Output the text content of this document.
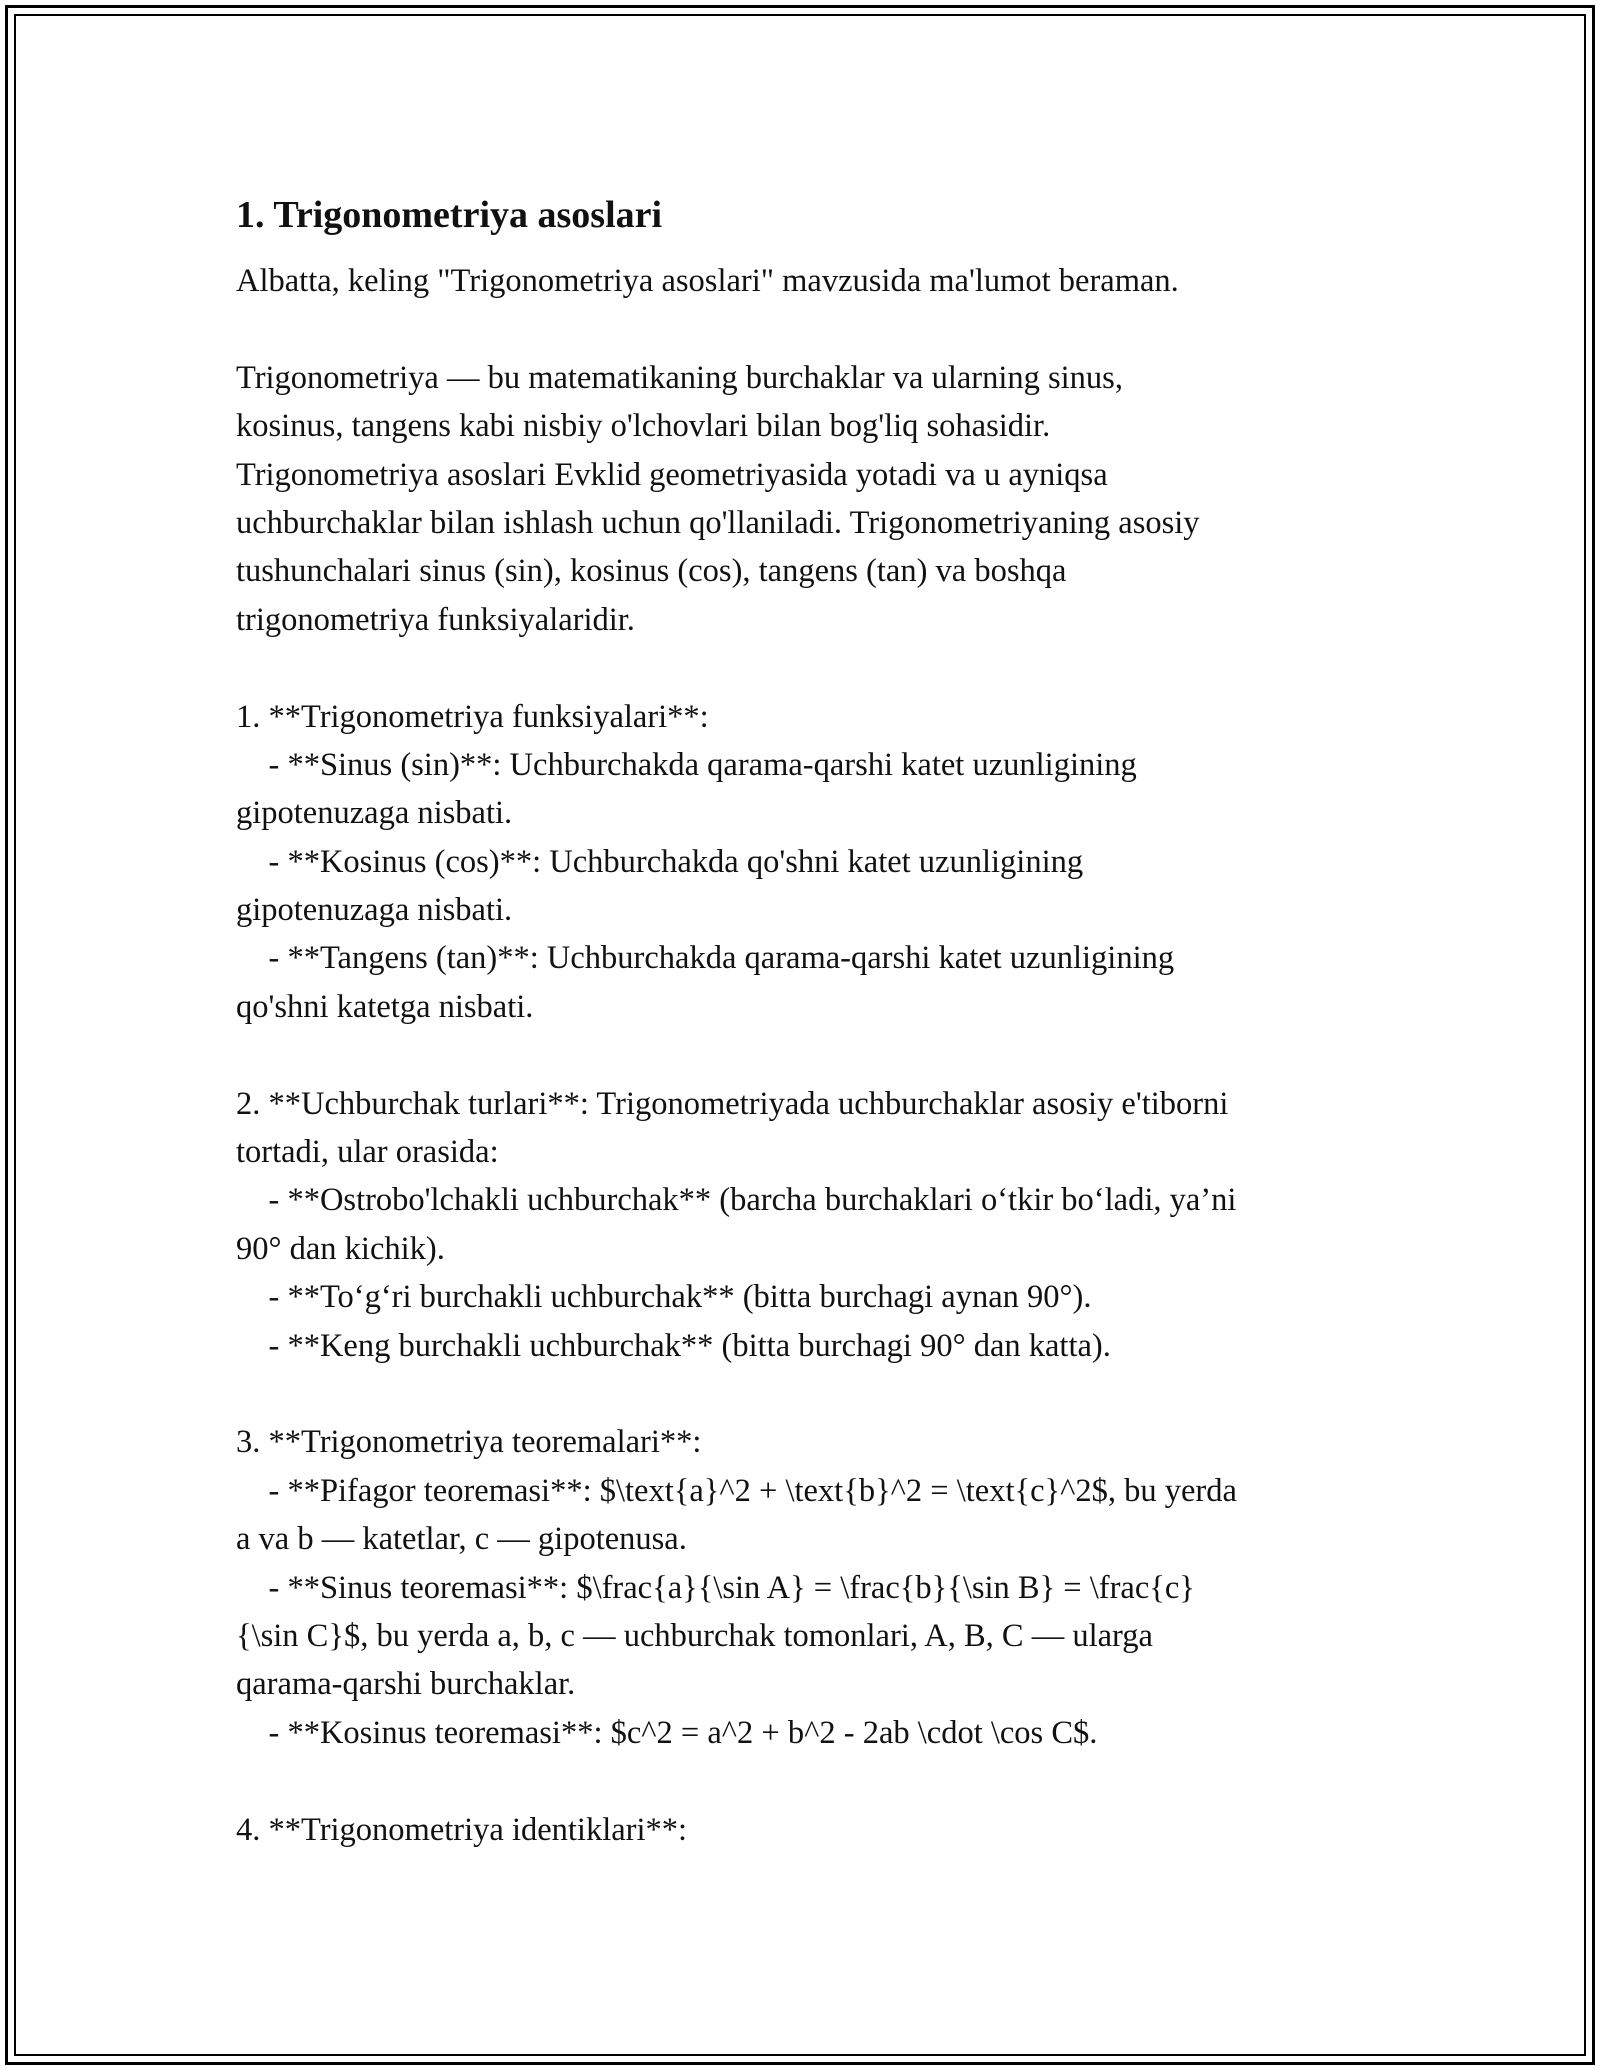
1. Trigonometriya asoslari
Albatta, keling "Trigonometriya asoslari" mavzusida ma'lumot beraman.
Trigonometriya — bu matematikaning burchaklar va ularning sinus,
kosinus, tangens kabi nisbiy o'lchovlari bilan bog'liq sohasidir.
Trigonometriya asoslari Evklid geometriyasida yotadi va u ayniqsa
uchburchaklar bilan ishlash uchun qo'llaniladi. Trigonometriyaning asosiy
tushunchalari sinus (sin), kosinus (cos), tangens (tan) va boshqa
trigonometriya funksiyalaridir.
1. **Trigonometriya funksiyalari**:
- **Sinus (sin)**: Uchburchakda qarama-qarshi katet uzunligining
gipotenuzaga nisbati.
- **Kosinus (cos)**: Uchburchakda qo'shni katet uzunligining
gipotenuzaga nisbati.
- **Tangens (tan)**: Uchburchakda qarama-qarshi katet uzunligining
qo'shni katetga nisbati.
2. **Uchburchak turlari**: Trigonometriyada uchburchaklar asosiy e'tiborni
tortadi, ular orasida:
- **Ostrobo'lchakli uchburchak** (barcha burchaklari o‘tkir bo‘ladi, ya’ni
90° dan kichik).
- **To‘g‘ri burchakli uchburchak** (bitta burchagi aynan 90°).
- **Keng burchakli uchburchak** (bitta burchagi 90° dan katta).
3. **Trigonometriya teoremalari**:
- **Pifagor teoremasi**: $\text{a}^2 + \text{b}^2 = \text{c}^2$, bu yerda
a va b — katetlar, c — gipotenusa.
- **Sinus teoremasi**: $\frac{a}{\sin A} = \frac{b}{\sin B} = \frac{c}
{\sin C}$, bu yerda a, b, c — uchburchak tomonlari, A, B, C — ularga
qarama-qarshi burchaklar.
- **Kosinus teoremasi**: $c^2 = a^2 + b^2 - 2ab \cdot \cos C$.
4. **Trigonometriya identiklari**:
